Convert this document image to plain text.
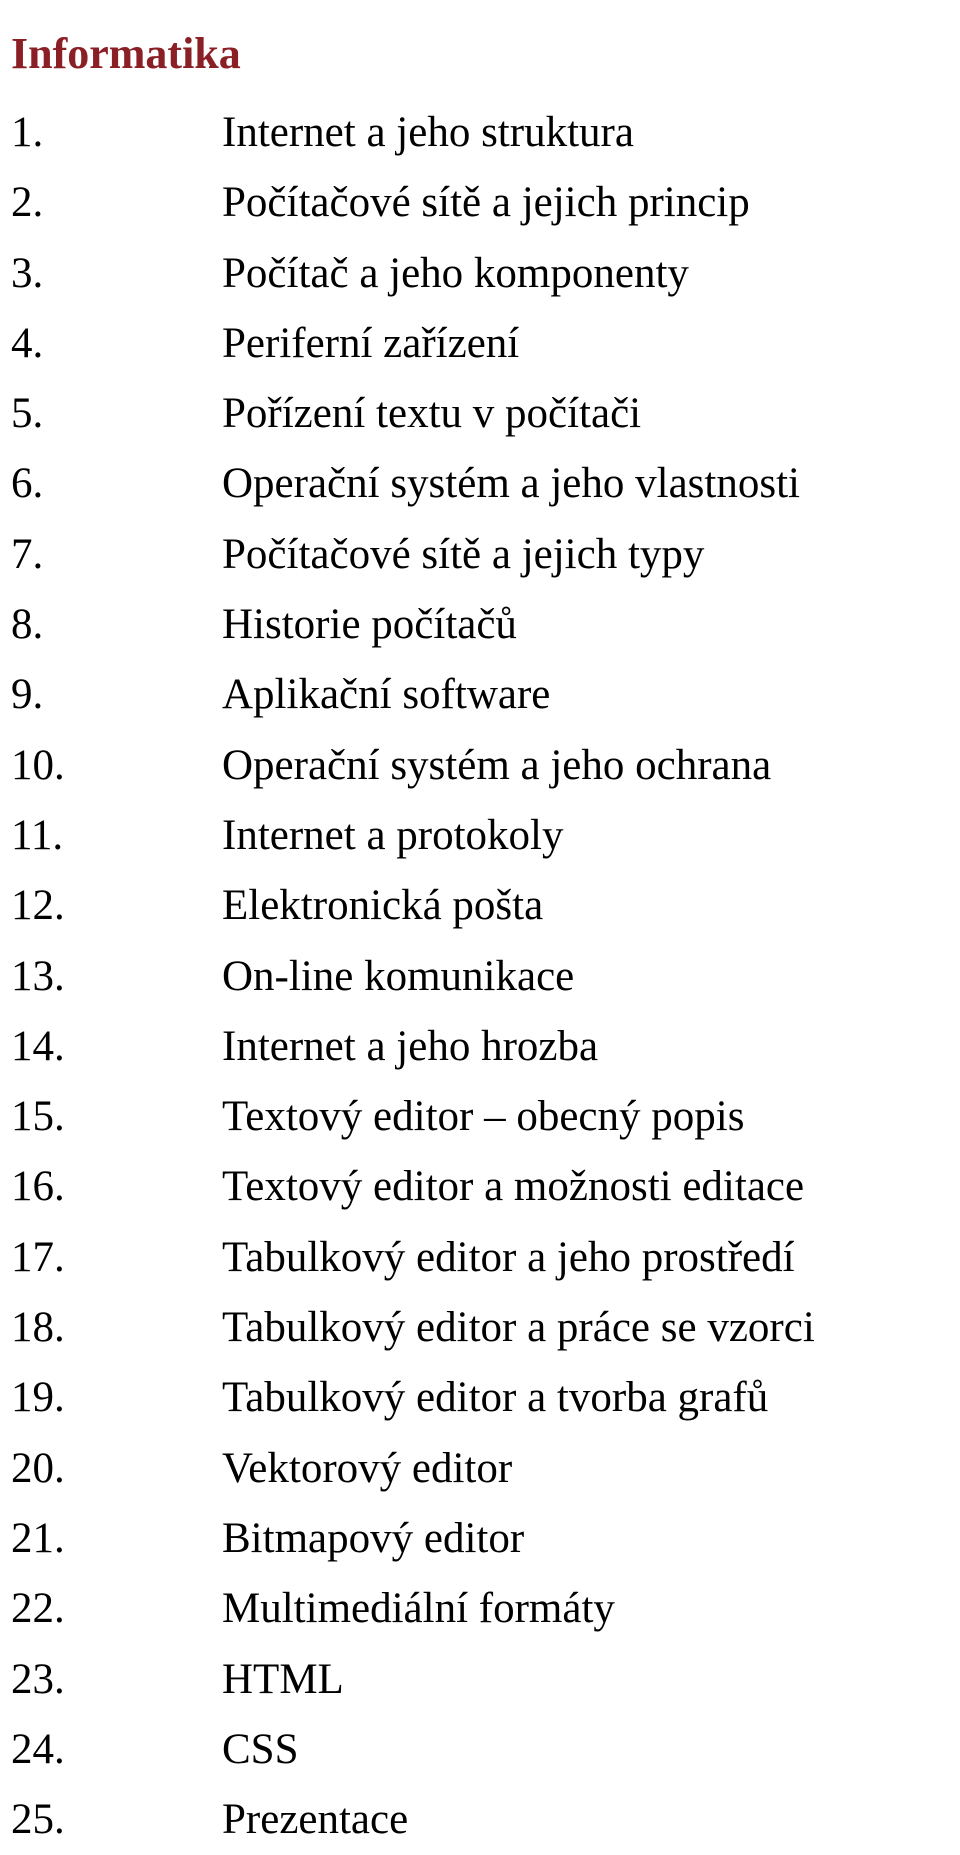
Informatika
1.	Internet a jeho struktura
2.	Počítačové sítě a jejich princip
3.	Počítač a jeho komponenty
4.	Periferní zařízení
5.	Pořízení textu v počítači
6.	Operační systém a jeho vlastnosti
7.	Počítačové sítě a jejich typy
8.	Historie počítačů
9.	Aplikační software
10.	Operační systém a jeho ochrana
11.	Internet a protokoly
12.	Elektronická pošta
13.	On-line komunikace
14.	Internet a jeho hrozba
15.	Textový editor – obecný popis
16.	Textový editor a možnosti editace
17.	Tabulkový editor a jeho prostředí
18.	Tabulkový editor a práce se vzorci
19.	Tabulkový editor a tvorba grafů
20.	Vektorový editor
21.	Bitmapový editor
22.	Multimediální formáty
23.	HTML
24.	CSS
25.	Prezentace
